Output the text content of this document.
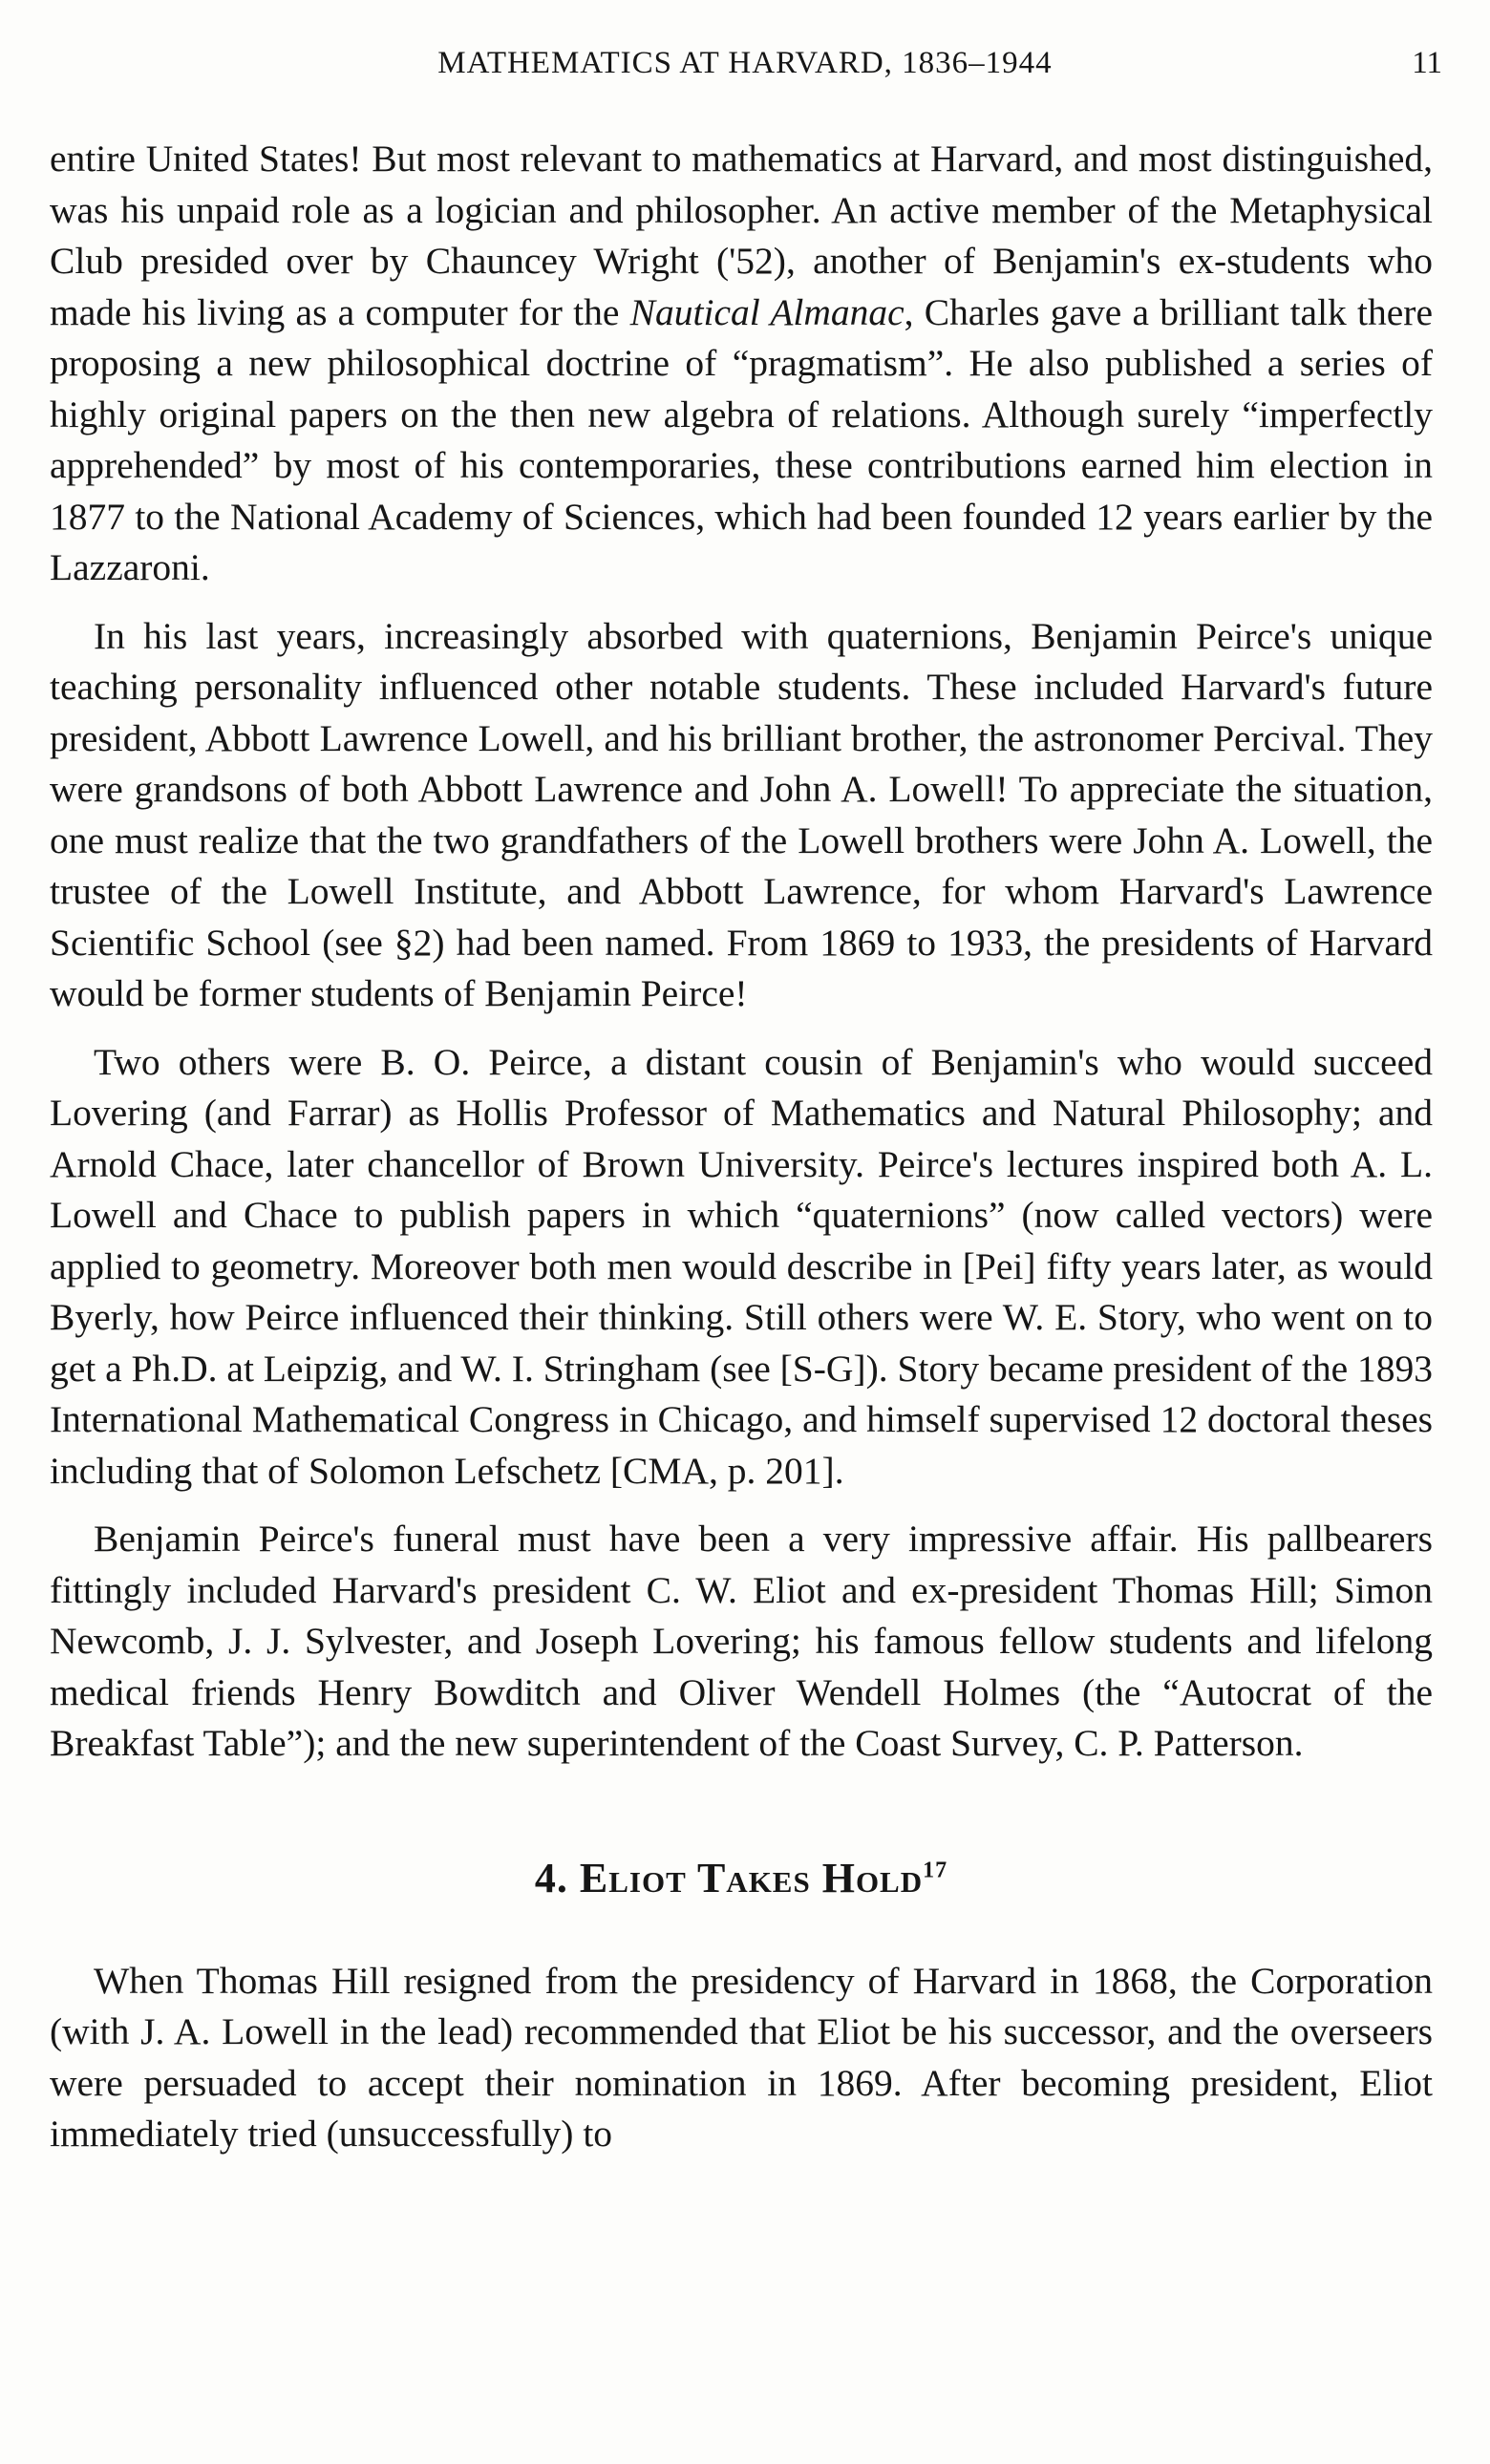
MATHEMATICS AT HARVARD, 1836–1944	11

entire United States! But most relevant to mathematics at Harvard, and most distinguished, was his unpaid role as a logician and philosopher. An active member of the Metaphysical Club presided over by Chauncey Wright ('52), another of Benjamin's ex-students who made his living as a computer for the Nautical Almanac, Charles gave a brilliant talk there proposing a new philosophical doctrine of “pragmatism”. He also published a series of highly original papers on the then new algebra of relations. Although surely “imperfectly apprehended” by most of his contemporaries, these contributions earned him election in 1877 to the National Academy of Sciences, which had been founded 12 years earlier by the Lazzaroni.

In his last years, increasingly absorbed with quaternions, Benjamin Peirce's unique teaching personality influenced other notable students. These included Harvard's future president, Abbott Lawrence Lowell, and his brilliant brother, the astronomer Percival. They were grandsons of both Abbott Lawrence and John A. Lowell! To appreciate the situation, one must realize that the two grandfathers of the Lowell brothers were John A. Lowell, the trustee of the Lowell Institute, and Abbott Lawrence, for whom Harvard's Lawrence Scientific School (see §2) had been named. From 1869 to 1933, the presidents of Harvard would be former students of Benjamin Peirce!

Two others were B. O. Peirce, a distant cousin of Benjamin's who would succeed Lovering (and Farrar) as Hollis Professor of Mathematics and Natural Philosophy; and Arnold Chace, later chancellor of Brown University. Peirce's lectures inspired both A. L. Lowell and Chace to publish papers in which “quaternions” (now called vectors) were applied to geometry. Moreover both men would describe in [Pei] fifty years later, as would Byerly, how Peirce influenced their thinking. Still others were W. E. Story, who went on to get a Ph.D. at Leipzig, and W. I. Stringham (see [S-G]). Story became president of the 1893 International Mathematical Congress in Chicago, and himself supervised 12 doctoral theses including that of Solomon Lefschetz [CMA, p. 201].

Benjamin Peirce's funeral must have been a very impressive affair. His pallbearers fittingly included Harvard's president C. W. Eliot and ex-president Thomas Hill; Simon Newcomb, J. J. Sylvester, and Joseph Lovering; his famous fellow students and lifelong medical friends Henry Bowditch and Oliver Wendell Holmes (the “Autocrat of the Breakfast Table”); and the new superintendent of the Coast Survey, C. P. Patterson.

4. Eliot Takes Hold$^{17}$

When Thomas Hill resigned from the presidency of Harvard in 1868, the Corporation (with J. A. Lowell in the lead) recommended that Eliot be his successor, and the overseers were persuaded to accept their nomination in 1869. After becoming president, Eliot immediately tried (unsuccessfully) to
